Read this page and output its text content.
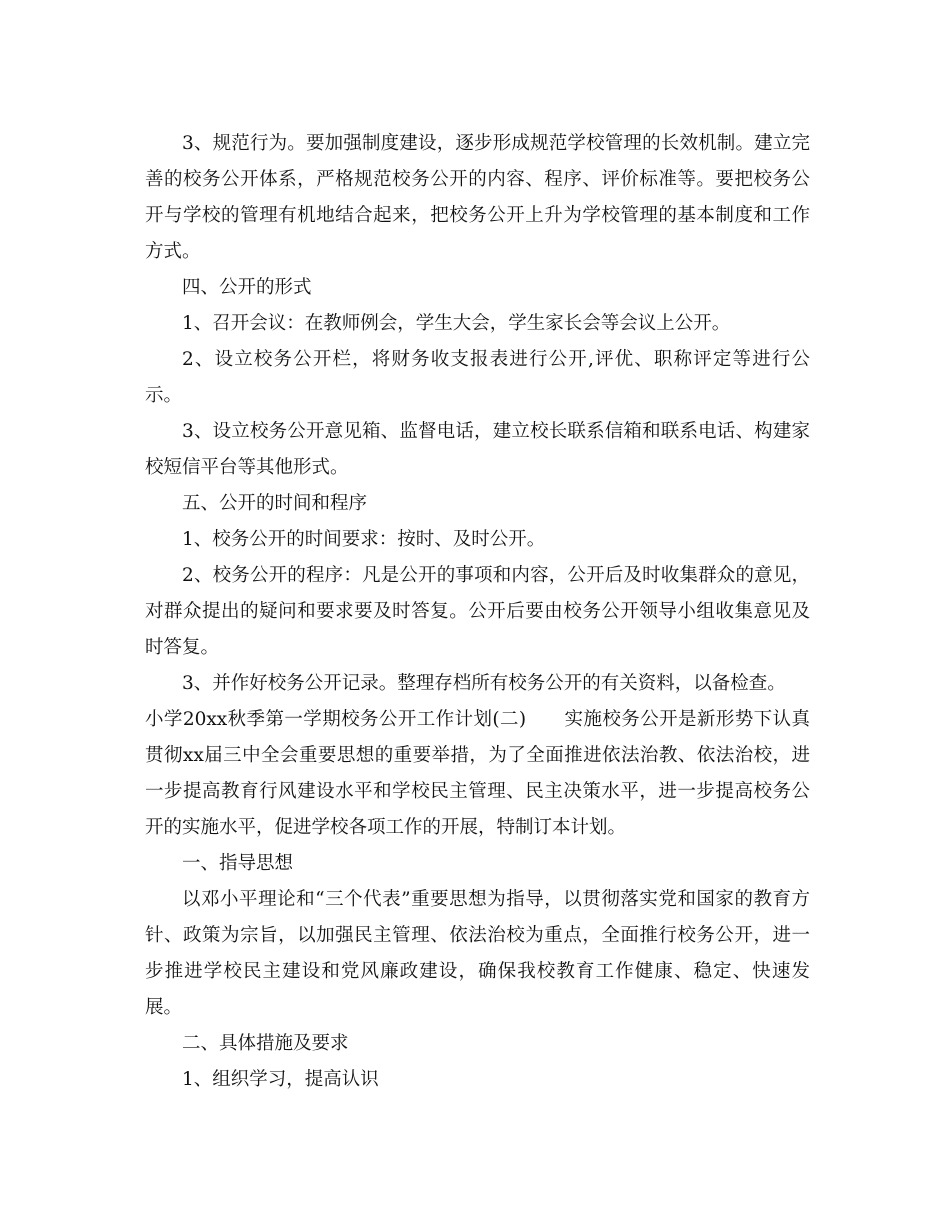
3、规范行为。要加强制度建设，逐步形成规范学校管理的长效机制。建立完善的校务公开体系，严格规范校务公开的内容、程序、评价标准等。要把校务公开与学校的管理有机地结合起来，把校务公开上升为学校管理的基本制度和工作方式。

四、公开的形式

1、召开会议：在教师例会，学生大会，学生家长会等会议上公开。

2、设立校务公开栏，将财务收支报表进行公开,评优、职称评定等进行公示。

3、设立校务公开意见箱、监督电话，建立校长联系信箱和联系电话、构建家校短信平台等其他形式。

五、公开的时间和程序

1、校务公开的时间要求：按时、及时公开。

2、校务公开的程序：凡是公开的事项和内容，公开后及时收集群众的意见，对群众提出的疑问和要求要及时答复。公开后要由校务公开领导小组收集意见及时答复。

3、并作好校务公开记录。整理存档所有校务公开的有关资料，以备检查。

小学20xx秋季第一学期校务公开工作计划(二) 实施校务公开是新形势下认真贯彻xx届三中全会重要思想的重要举措，为了全面推进依法治教、依法治校，进一步提高教育行风建设水平和学校民主管理、民主决策水平，进一步提高校务公开的实施水平，促进学校各项工作的开展，特制订本计划。

一、指导思想

以邓小平理论和“三个代表”重要思想为指导，以贯彻落实党和国家的教育方针、政策为宗旨，以加强民主管理、依法治校为重点，全面推行校务公开，进一步推进学校民主建设和党风廉政建设，确保我校教育工作健康、稳定、快速发展。

二、具体措施及要求

1、组织学习，提高认识
